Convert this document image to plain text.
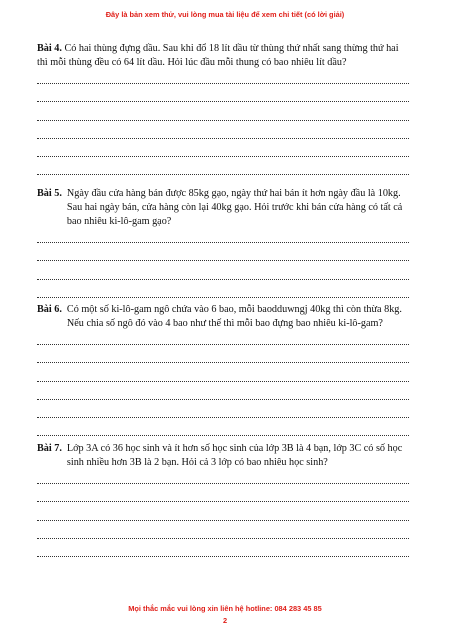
Đây là bản xem thử, vui lòng mua tài liệu để xem chi tiết (có lời giải)
Bài 4. Có hai thùng đựng dầu. Sau khi đổ 18 lít dầu từ thùng thứ nhất sang thừng thứ hai thì mỗi thùng đều có 64 lít dầu. Hỏi lúc đầu mỗi thung có bao nhiêu lít dầu?
Bài 5. Ngày đầu cửa hàng bán được 85kg gạo, ngày thứ hai bán ít hơn ngày đầu là 10kg. Sau hai ngày bán, cửa hàng còn lại 40kg gạo. Hỏi trước khi bán cửa hàng có tất cả bao nhiêu ki-lô-gam gạo?
Bài 6. Có một số ki-lô-gam ngô chứa vào 6 bao, mỗi baodduwngj 40kg thì còn thừa 8kg. Nếu chia số ngô đó vào 4 bao như thế thì mỗi bao đựng bao nhiêu ki-lô-gam?
Bài 7. Lớp 3A có 36 học sinh và ít hơn số học sinh của lớp 3B là 4 bạn, lớp 3C có số học sinh nhiều hơn 3B là 2 bạn. Hỏi cả 3 lớp có bao nhiêu học sinh?
Mọi thắc mắc vui lòng xin liên hệ hotline: 084 283 45 85
2
